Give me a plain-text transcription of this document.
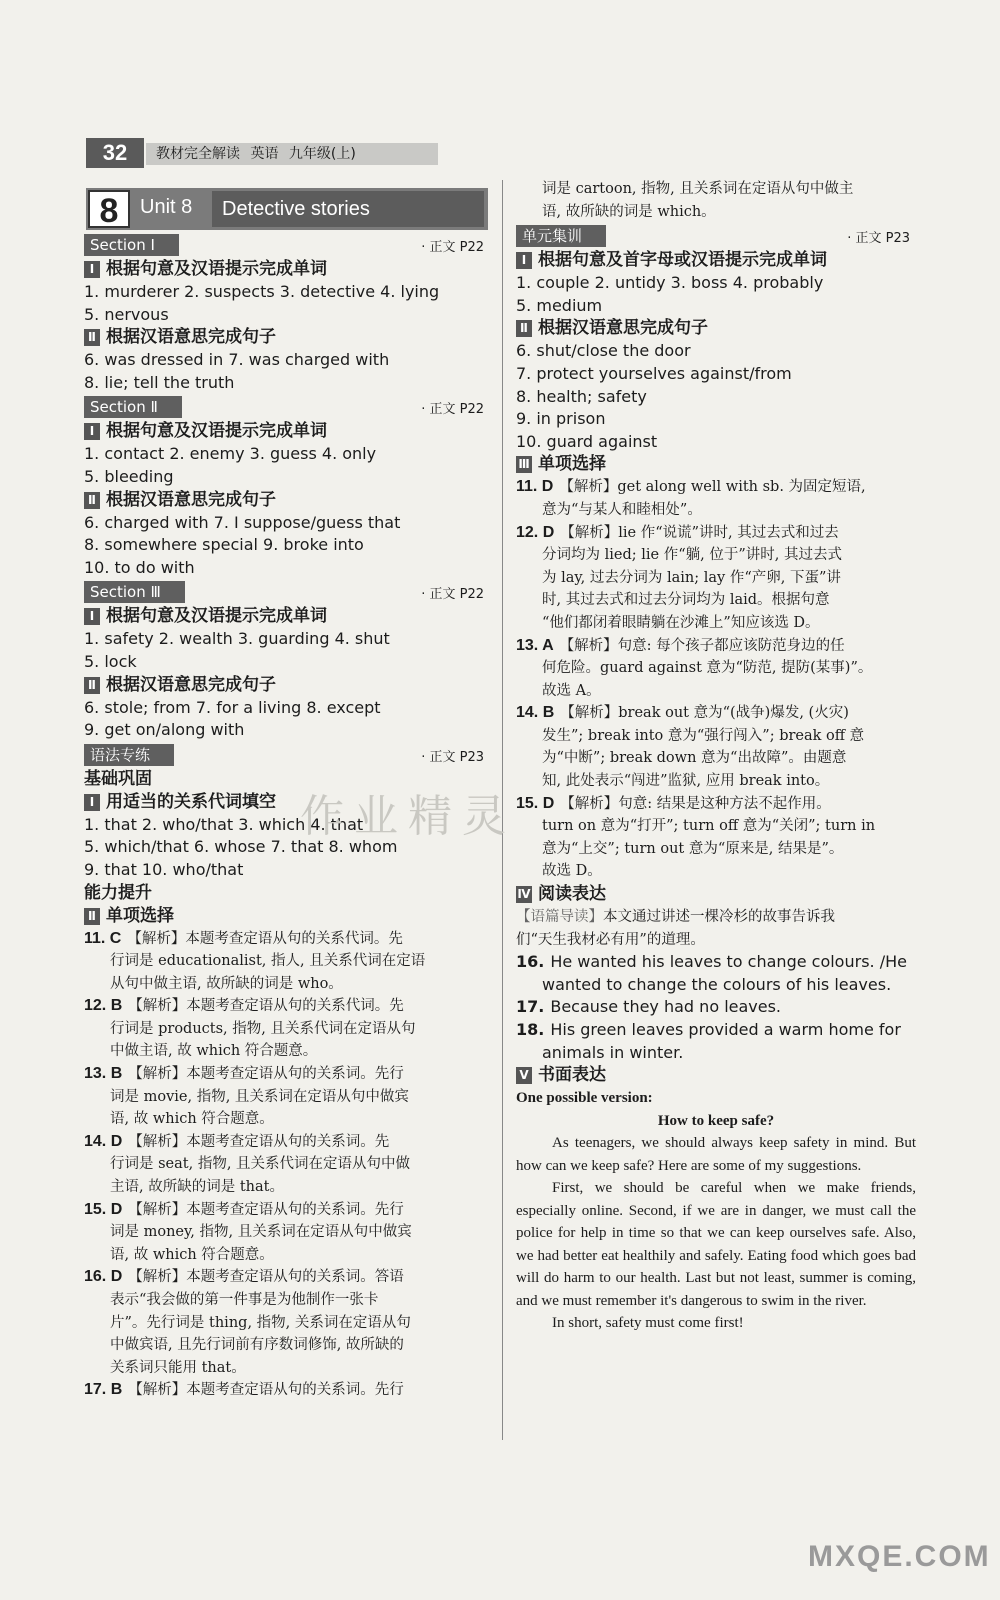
32	教材完全解读 英语 九年级(上)
8	Unit 8	Detective stories
Section Ⅰ	· 正文 P22
Ⅰ 根据句意及汉语提示完成单词
1. murderer 2. suspects 3. detective 4. lying
5. nervous
Ⅱ 根据汉语意思完成句子
6. was dressed in 7. was charged with
8. lie; tell the truth
Section Ⅱ	· 正文 P22
Ⅰ 根据句意及汉语提示完成单词
1. contact 2. enemy 3. guess 4. only
5. bleeding
Ⅱ 根据汉语意思完成句子
6. charged with 7. I suppose/guess that
8. somewhere special 9. broke into
10. to do with
Section Ⅲ	· 正文 P22
Ⅰ 根据句意及汉语提示完成单词
1. safety 2. wealth 3. guarding 4. shut
5. lock
Ⅱ 根据汉语意思完成句子
6. stole; from 7. for a living 8. except
9. get on/along with
语法专练	· 正文 P23
基础巩固
Ⅰ 用适当的关系代词填空
1. that 2. who/that 3. which 4. that
5. which/that 6. whose 7. that 8. whom
9. that 10. who/that
能力提升
Ⅱ 单项选择
11. C 【解析】本题考查定语从句的关系代词。先
行词是 educationalist, 指人, 且关系代词在定语
从句中做主语, 故所缺的词是 who。
12. B 【解析】本题考查定语从句的关系代词。先
行词是 products, 指物, 且关系代词在定语从句
中做主语, 故 which 符合题意。
13. B 【解析】本题考查定语从句的关系词。先行
词是 movie, 指物, 且关系词在定语从句中做宾
语, 故 which 符合题意。
14. D 【解析】本题考查定语从句的关系词。先
行词是 seat, 指物, 且关系代词在定语从句中做
主语, 故所缺的词是 that。
15. D 【解析】本题考查定语从句的关系词。先行
词是 money, 指物, 且关系词在定语从句中做宾
语, 故 which 符合题意。
16. D 【解析】本题考查定语从句的关系词。答语
表示“我会做的第一件事是为他制作一张卡
片”。先行词是 thing, 指物, 关系词在定语从句
中做宾语, 且先行词前有序数词修饰, 故所缺的
关系词只能用 that。
17. B 【解析】本题考查定语从句的关系词。先行
词是 cartoon, 指物, 且关系词在定语从句中做主
语, 故所缺的词是 which。
单元集训	· 正文 P23
Ⅰ 根据句意及首字母或汉语提示完成单词
1. couple 2. untidy 3. boss 4. probably
5. medium
Ⅱ 根据汉语意思完成句子
6. shut/close the door
7. protect yourselves against/from
8. health; safety
9. in prison
10. guard against
Ⅲ 单项选择
11. D 【解析】get along well with sb. 为固定短语,
意为“与某人和睦相处”。
12. D 【解析】lie 作“说谎”讲时, 其过去式和过去
分词均为 lied; lie 作“躺, 位于”讲时, 其过去式
为 lay, 过去分词为 lain; lay 作“产卵, 下蛋”讲
时, 其过去式和过去分词均为 laid。根据句意
“他们都闭着眼睛躺在沙滩上”知应该选 D。
13. A 【解析】句意: 每个孩子都应该防范身边的任
何危险。guard against 意为“防范, 提防(某事)”。
故选 A。
14. B 【解析】break out 意为“(战争)爆发, (火灾)
发生”; break into 意为“强行闯入”; break off 意
为“中断”; break down 意为“出故障”。由题意
知, 此处表示“闯进”监狱, 应用 break into。
15. D 【解析】句意: 结果是这种方法不起作用。
turn on 意为“打开”; turn off 意为“关闭”; turn in
意为“上交”; turn out 意为“原来是, 结果是”。
故选 D。
Ⅳ 阅读表达
【语篇导读】本文通过讲述一棵冷杉的故事告诉我
们“天生我材必有用”的道理。
16. He wanted his leaves to change colours. /He
wanted to change the colours of his leaves.
17. Because they had no leaves.
18. His green leaves provided a warm home for
animals in winter.
Ⅴ 书面表达
One possible version:
How to keep safe?
As teenagers, we should always keep safety in mind. But how can we keep safe? Here are some of my suggestions.
First, we should be careful when we make friends, especially online. Second, if we are in danger, we must call the police for help in time so that we can keep ourselves safe. Also, we had better eat healthily and safely. Eating food which goes bad will do harm to our health. Last but not least, summer is coming, and we must remember it's dangerous to swim in the river.
In short, safety must come first!
作业精灵
MXQE.COM
